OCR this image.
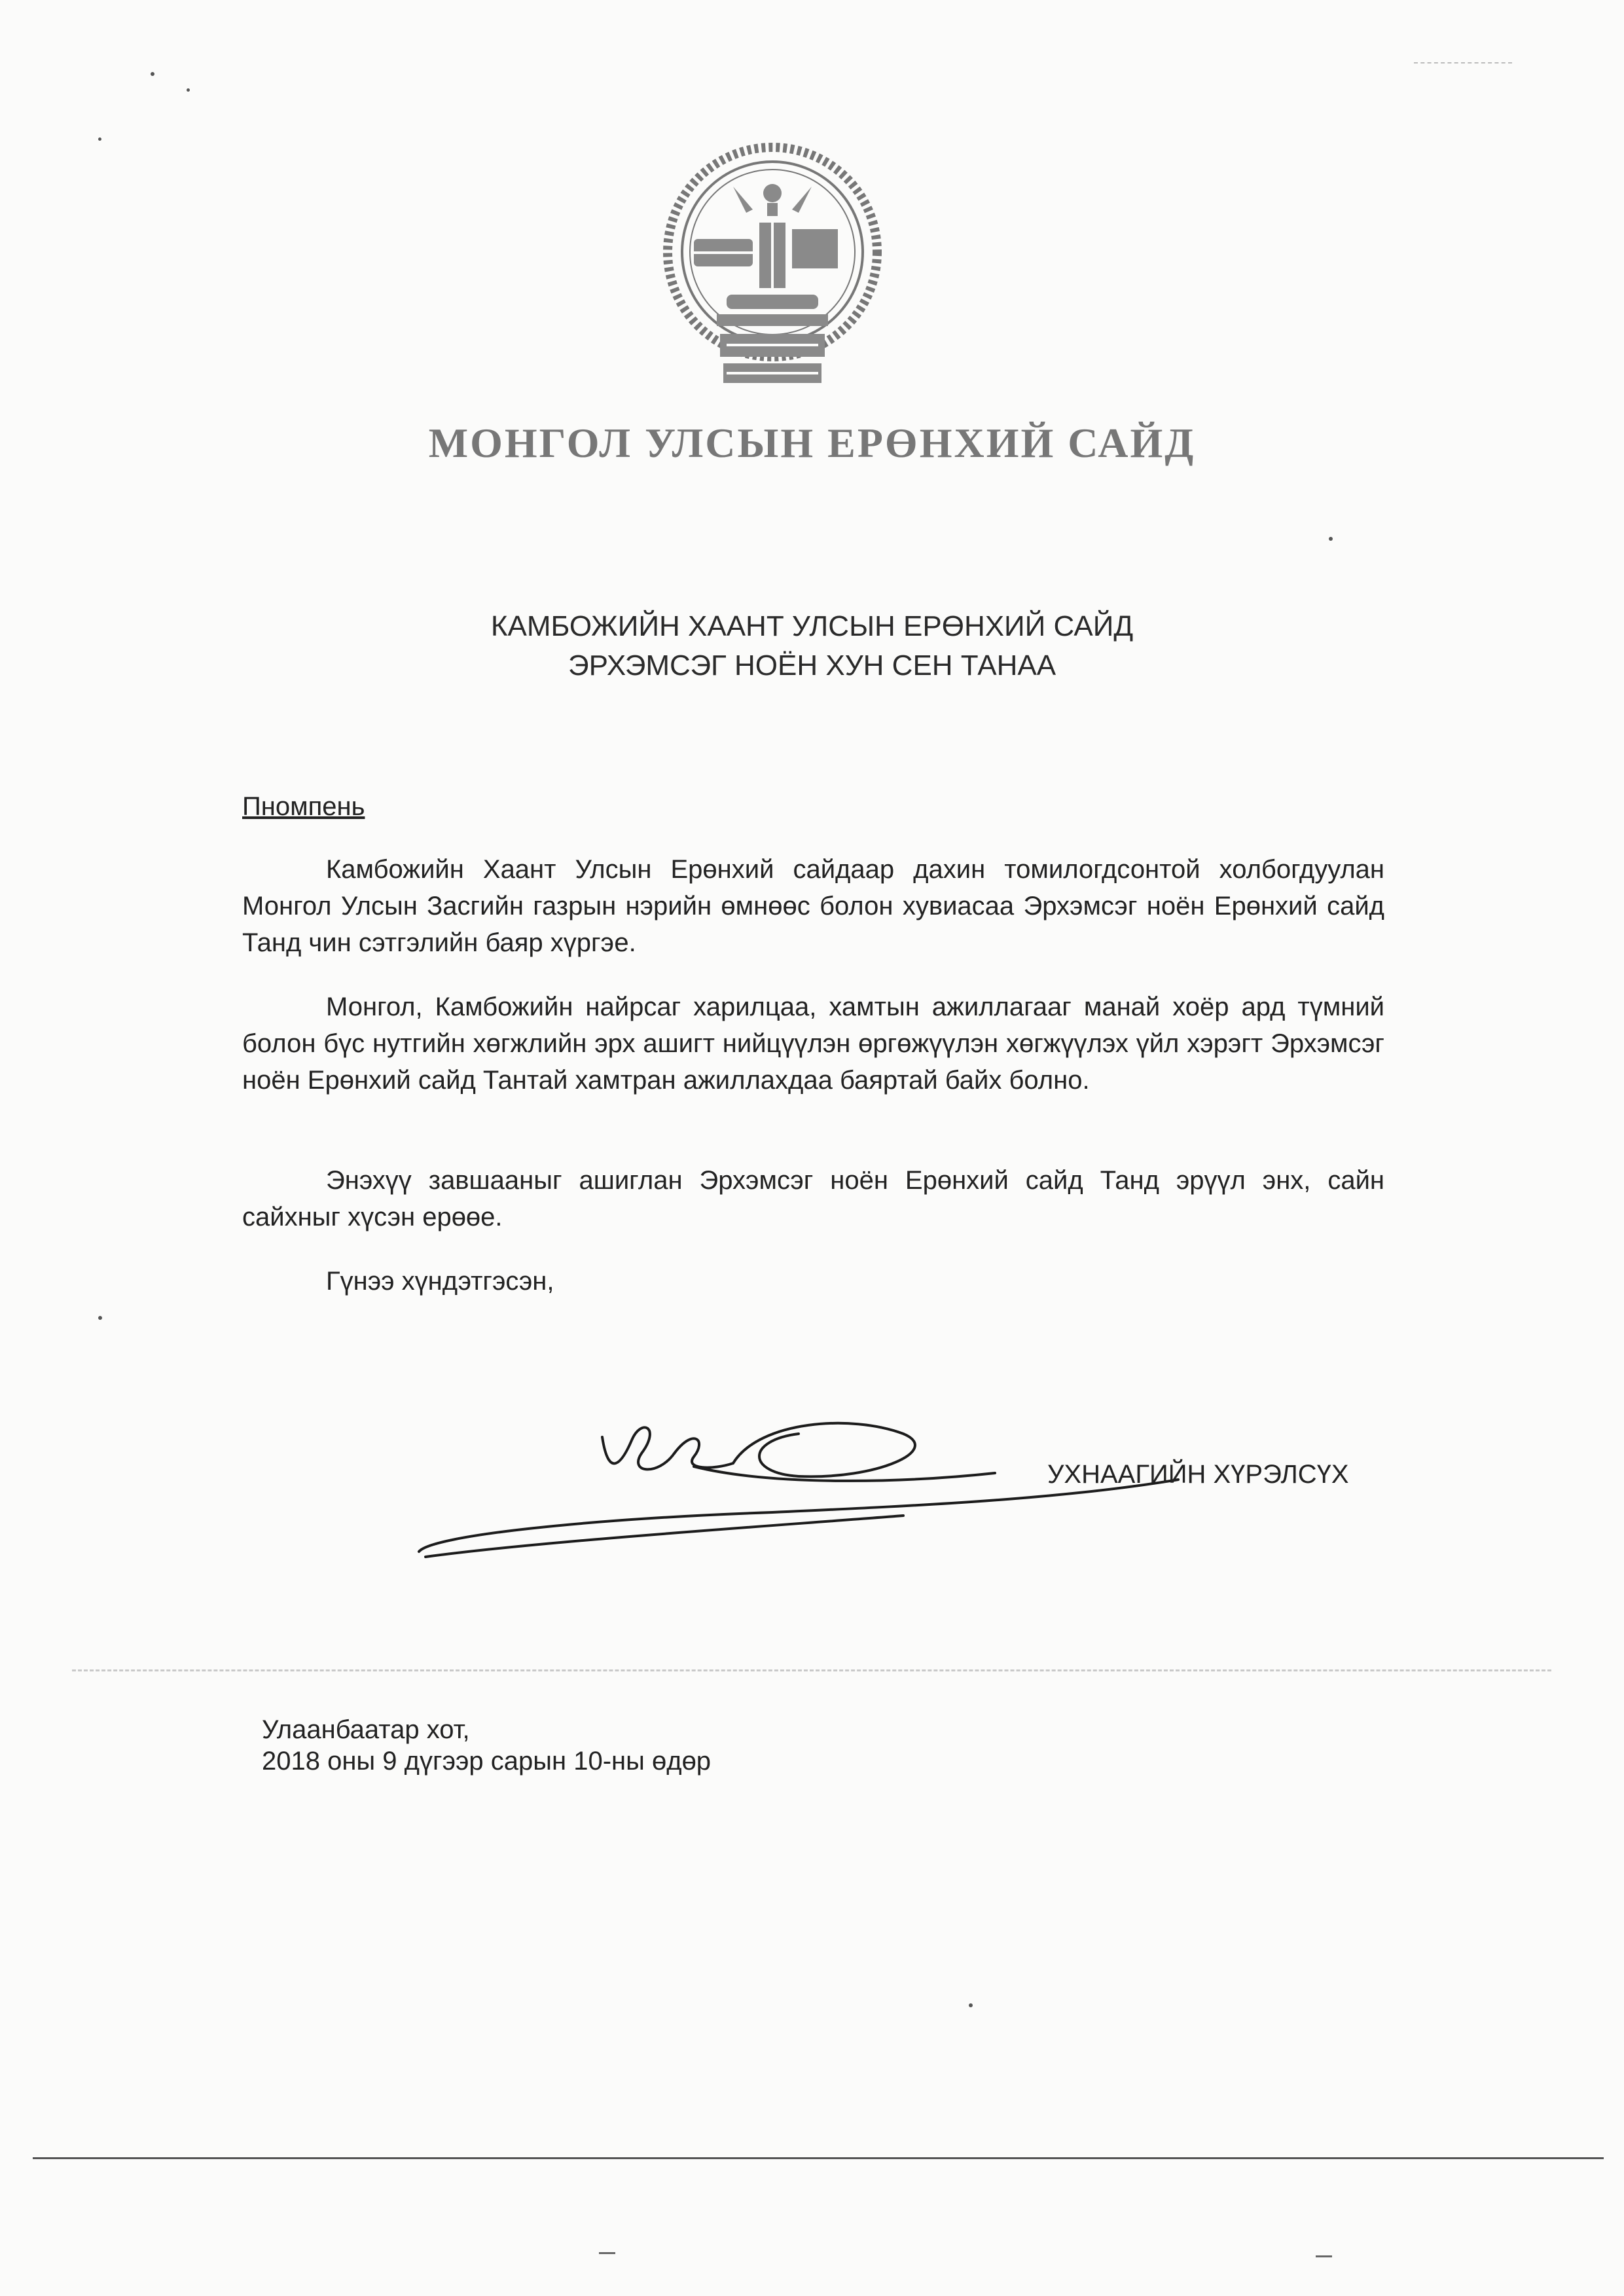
МОНГОЛ УЛСЫН ЕРӨНХИЙ САЙД
КАМБОЖИЙН ХААНТ УЛСЫН ЕРӨНХИЙ САЙД
ЭРХЭМСЭГ НОЁН ХУН СЕН ТАНАА
Пномпень

Камбожийн Хаант Улсын Ерөнхий сайдаар дахин томилогдсонтой холбогдуулан Монгол Улсын Засгийн газрын нэрийн өмнөөс болон хувиасаа Эрхэмсэг ноён Ерөнхий сайд Танд чин сэтгэлийн баяр хүргэе.

Монгол, Камбожийн найрсаг харилцаа, хамтын ажиллагааг манай хоёр ард түмний болон бүс нутгийн хөгжлийн эрх ашигт нийцүүлэн өргөжүүлэн хөгжүүлэх үйл хэрэгт Эрхэмсэг ноён Ерөнхий сайд Тантай хамтран ажиллахдаа баяртай байх болно.

Энэхүү завшааныг ашиглан Эрхэмсэг ноён Ерөнхий сайд Танд эрүүл энх, сайн сайхныг хүсэн ерөөе.

Гүнээ хүндэтгэсэн,
УХНААГИЙН ХҮРЭЛСҮХ
Улаанбаатар хот,
2018 оны 9 дүгээр сарын 10-ны өдөр
